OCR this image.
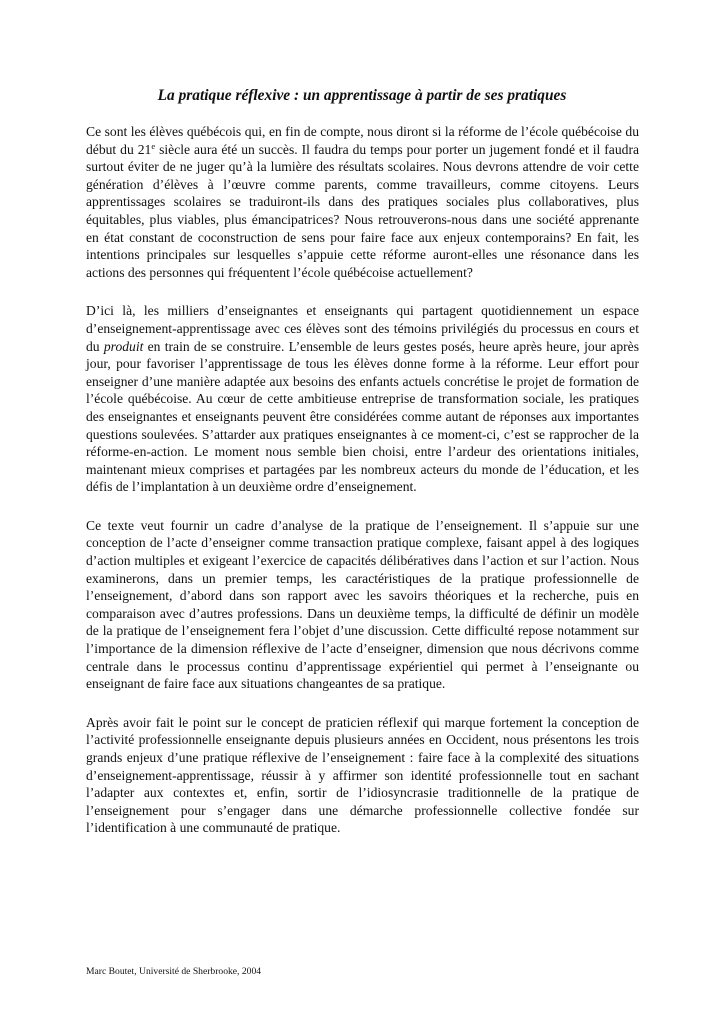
La pratique réflexive : un apprentissage à partir de ses pratiques

Ce sont les élèves québécois qui, en fin de compte, nous diront si la réforme de l’école québécoise du début du 21e siècle aura été un succès. Il faudra du temps pour porter un jugement fondé et il faudra surtout éviter de ne juger qu’à la lumière des résultats scolaires. Nous devrons attendre de voir cette génération d’élèves à l’œuvre comme parents, comme travailleurs, comme citoyens. Leurs apprentissages scolaires se traduiront-ils dans des pratiques sociales plus collaboratives, plus équitables, plus viables, plus émancipatrices? Nous retrouverons-nous dans une société apprenante en état constant de coconstruction de sens pour faire face aux enjeux contemporains? En fait, les intentions principales sur lesquelles s’appuie cette réforme auront-elles une résonance dans les actions des personnes qui fréquentent l’école québécoise actuellement?

D’ici là, les milliers d’enseignantes et enseignants qui partagent quotidiennement un espace d’enseignement-apprentissage avec ces élèves sont des témoins privilégiés du processus en cours et du produit en train de se construire. L’ensemble de leurs gestes posés, heure après heure, jour après jour, pour favoriser l’apprentissage de tous les élèves donne forme à la réforme. Leur effort pour enseigner d’une manière adaptée aux besoins des enfants actuels concrétise le projet de formation de l’école québécoise. Au cœur de cette ambitieuse entreprise de transformation sociale, les pratiques des enseignantes et enseignants peuvent être considérées comme autant de réponses aux importantes questions soulevées. S’attarder aux pratiques enseignantes à ce moment-ci, c’est se rapprocher de la réforme-en-action. Le moment nous semble bien choisi, entre l’ardeur des orientations initiales, maintenant mieux comprises et partagées par les nombreux acteurs du monde de l’éducation, et les défis de l’implantation à un deuxième ordre d’enseignement.

Ce texte veut fournir un cadre d’analyse de la pratique de l’enseignement. Il s’appuie sur une conception de l’acte d’enseigner comme transaction pratique complexe, faisant appel à des logiques d’action multiples et exigeant l’exercice de capacités délibératives dans l’action et sur l’action. Nous examinerons, dans un premier temps, les caractéristiques de la pratique professionnelle de l’enseignement, d’abord dans son rapport avec les savoirs théoriques et la recherche, puis en comparaison avec d’autres professions. Dans un deuxième temps, la difficulté de définir un modèle de la pratique de l’enseignement fera l’objet d’une discussion. Cette difficulté repose notamment sur l’importance de la dimension réflexive de l’acte d’enseigner, dimension que nous décrivons comme centrale dans le processus continu d’apprentissage expérientiel qui permet à l’enseignante ou enseignant de faire face aux situations changeantes de sa pratique.

Après avoir fait le point sur le concept de praticien réflexif qui marque fortement la conception de l’activité professionnelle enseignante depuis plusieurs années en Occident, nous présentons les trois grands enjeux d’une pratique réflexive de l’enseignement : faire face à la complexité des situations d’enseignement-apprentissage, réussir à y affirmer son identité professionnelle tout en sachant l’adapter aux contextes et, enfin, sortir de l’idiosyncrasie traditionnelle de la pratique de l’enseignement pour s’engager dans une démarche professionnelle collective fondée sur l’identification à une communauté de pratique.

Marc Boutet, Université de Sherbrooke, 2004
